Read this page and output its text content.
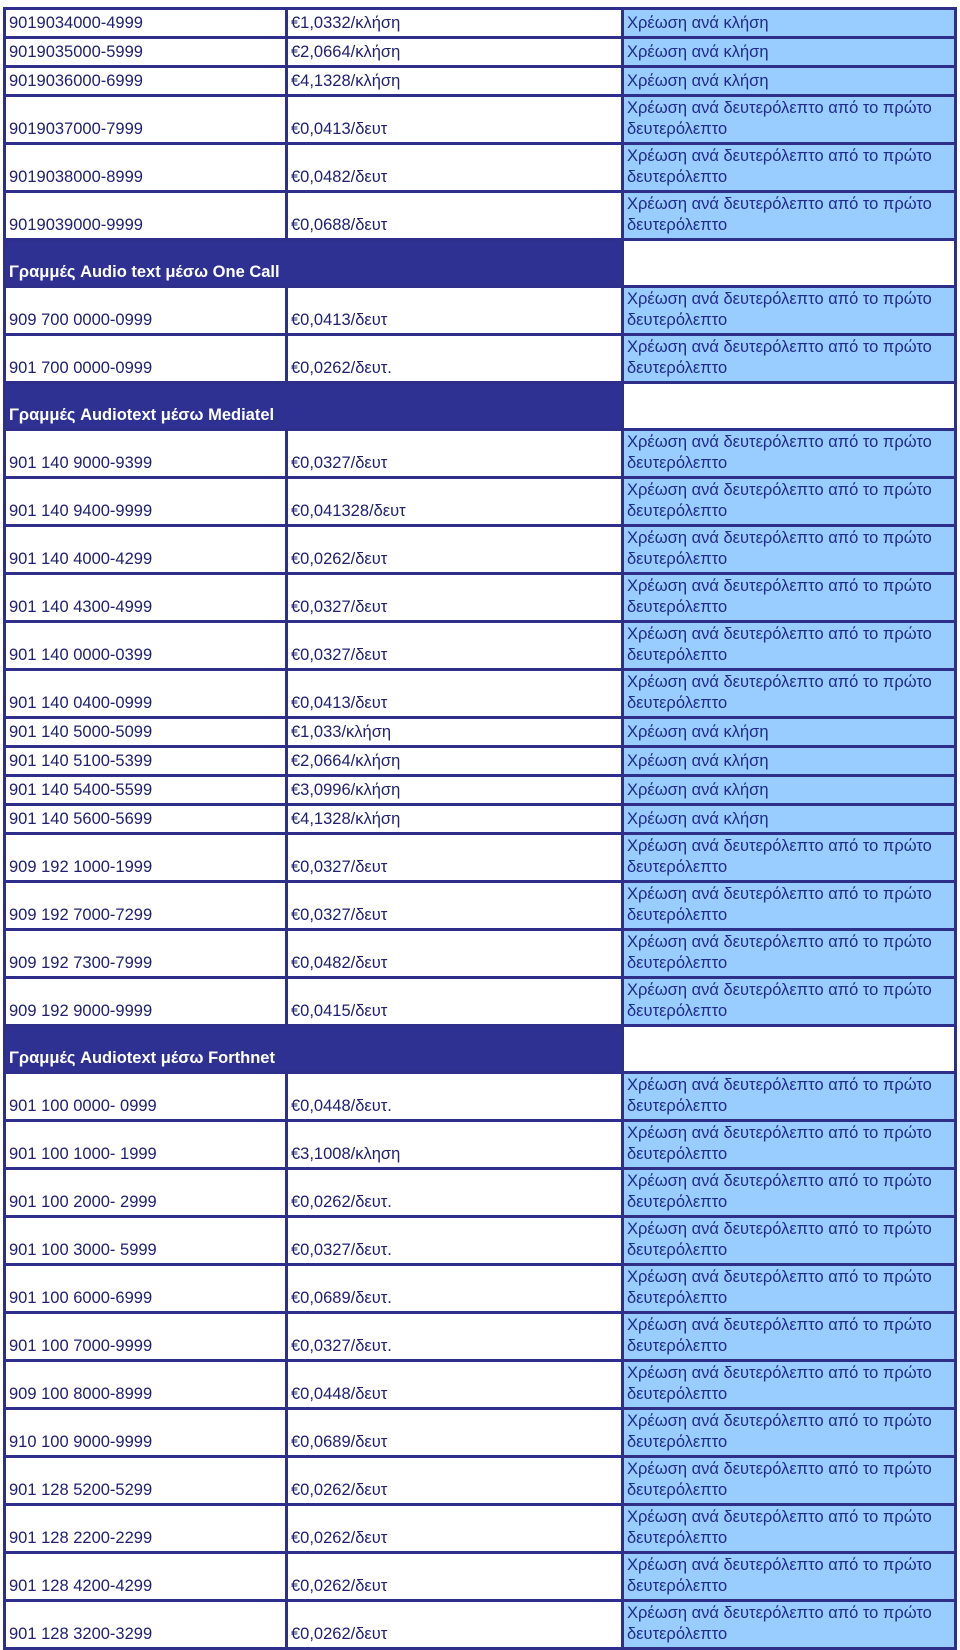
9019034000-4999	€1,0332/κλήση	Χρέωση ανά κλήση
9019035000-5999	€2,0664/κλήση	Χρέωση ανά κλήση
9019036000-6999	€4,1328/κλήση	Χρέωση ανά κλήση
9019037000-7999	€0,0413/δευτ	Χρέωση ανά δευτερόλεπτο από το πρώτο δευτερόλεπτο
9019038000-8999	€0,0482/δευτ	Χρέωση ανά δευτερόλεπτο από το πρώτο δευτερόλεπτο
9019039000-9999	€0,0688/δευτ	Χρέωση ανά δευτερόλεπτο από το πρώτο δευτερόλεπτο
Γραμμές Audio text μέσω One Call		
909 700 0000-0999	€0,0413/δευτ	Χρέωση ανά δευτερόλεπτο από το πρώτο δευτερόλεπτο
901 700 0000-0999	€0,0262/δευτ.	Χρέωση ανά δευτερόλεπτο από το πρώτο δευτερόλεπτο
Γραμμές Audiotext μέσω Mediatel		
901 140 9000-9399	€0,0327/δευτ	Χρέωση ανά δευτερόλεπτο από το πρώτο δευτερόλεπτο
901 140 9400-9999	€0,041328/δευτ	Χρέωση ανά δευτερόλεπτο από το πρώτο δευτερόλεπτο
901 140 4000-4299	€0,0262/δευτ	Χρέωση ανά δευτερόλεπτο από το πρώτο δευτερόλεπτο
901 140 4300-4999	€0,0327/δευτ	Χρέωση ανά δευτερόλεπτο από το πρώτο δευτερόλεπτο
901 140 0000-0399	€0,0327/δευτ	Χρέωση ανά δευτερόλεπτο από το πρώτο δευτερόλεπτο
901 140 0400-0999	€0,0413/δευτ	Χρέωση ανά δευτερόλεπτο από το πρώτο δευτερόλεπτο
901 140 5000-5099	€1,033/κλήση	Χρέωση ανά κλήση
901 140 5100-5399	€2,0664/κλήση	Χρέωση ανά κλήση
901 140 5400-5599	€3,0996/κλήση	Χρέωση ανά κλήση
901 140 5600-5699	€4,1328/κλήση	Χρέωση ανά κλήση
909 192 1000-1999	€0,0327/δευτ	Χρέωση ανά δευτερόλεπτο από το πρώτο δευτερόλεπτο
909 192 7000-7299	€0,0327/δευτ	Χρέωση ανά δευτερόλεπτο από το πρώτο δευτερόλεπτο
909 192 7300-7999	€0,0482/δευτ	Χρέωση ανά δευτερόλεπτο από το πρώτο δευτερόλεπτο
909 192 9000-9999	€0,0415/δευτ	Χρέωση ανά δευτερόλεπτο από το πρώτο δευτερόλεπτο
Γραμμές Audiotext μέσω Forthnet		
901 100 0000- 0999	€0,0448/δευτ.	Χρέωση ανά δευτερόλεπτο από το πρώτο δευτερόλεπτο
901 100 1000- 1999	€3,1008/κληση	Χρέωση ανά δευτερόλεπτο από το πρώτο δευτερόλεπτο
901 100 2000- 2999	€0,0262/δευτ.	Χρέωση ανά δευτερόλεπτο από το πρώτο δευτερόλεπτο
901 100 3000- 5999	€0,0327/δευτ.	Χρέωση ανά δευτερόλεπτο από το πρώτο δευτερόλεπτο
901 100 6000-6999	€0,0689/δευτ.	Χρέωση ανά δευτερόλεπτο από το πρώτο δευτερόλεπτο
901 100 7000-9999	€0,0327/δευτ.	Χρέωση ανά δευτερόλεπτο από το πρώτο δευτερόλεπτο
909 100 8000-8999	€0,0448/δευτ	Χρέωση ανά δευτερόλεπτο από το πρώτο δευτερόλεπτο
910 100 9000-9999	€0,0689/δευτ	Χρέωση ανά δευτερόλεπτο από το πρώτο δευτερόλεπτο
901 128 5200-5299	€0,0262/δευτ	Χρέωση ανά δευτερόλεπτο από το πρώτο δευτερόλεπτο
901 128 2200-2299	€0,0262/δευτ	Χρέωση ανά δευτερόλεπτο από το πρώτο δευτερόλεπτο
901 128 4200-4299	€0,0262/δευτ	Χρέωση ανά δευτερόλεπτο από το πρώτο δευτερόλεπτο
901 128 3200-3299	€0,0262/δευτ	Χρέωση ανά δευτερόλεπτο από το πρώτο δευτερόλεπτο
